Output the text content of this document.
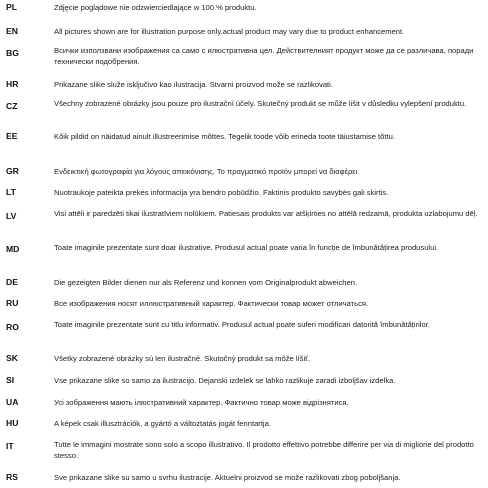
PL	Zdjęcie poglądowe nie odzwierciedlające w 100 % produktu.
EN	All pictures shown are for illustration purpose only.actual product may vary due to product enhancement.
BG	Всички използвани изображения са само с илюстративна цел. Действителният продукт може да се различава, поради технически подобрения.
HR	Prikazane slike služe isključivo kao ilustracija. Stvarni proizvod može se razlikovati.
CZ	Všechny zobrazené obrázky jsou pouze pro ilustrační účely. Skutečný produkt se může lišit v důsledku vylepšení produktu.
EE	Kõik pildid on näidatud ainult illustreerimise mõttes. Tegelik toode võib erineda toote täiustamise tõttu.
GR	Ενδεικτική φωτογραφία για λόγους απεικόνισης. Το πραγματικό προϊόν μπορεί να διαφέρει.
LT	Nuotraukoje pateikta prekės informacija yra bendro pobūdžio. Faktinis produkto savybės gali skirtis.
LV	Visi attēli ir paredzēti tikai ilustratīviem nolūkiem. Patiesais produkts var atšķirties no attēlā redzamā, produkta uzlabojumu dēļ.
MD	Toate imaginile prezentate sunt doar ilustrative. Produsul actual poate varia în funcție de îmbunătățirea produsului.
DE	Die gezeigten Bilder dienen nur als Referenz und konnen vom Originalprodukt abweichen.
RU	Все изображения носят иллюстративный характер. Фактически товар может отличаться.
RO	Toate imaginile prezentate sunt cu titlu informativ. Produsul actual poate suferi modificari datorită îmbunătățirilor.
SK	Všetky zobrazené obrázky sú len ilustračné. Skutočný produkt sa môže líšiť.
SI	Vse prikazane slike so samo za ilustracijo. Dejanski izdelek se lahko razlikuje zaradi izboljšav izdelka.
UA	Усі зображення мають ілюстративний характер. Фактично товар може відрізнятися.
HU	A képek csak illusztrációk, a gyártó a változtatás jogát fenntartja.
IT	Tutte le immagini mostrate sono solo a scopo illustrativo. Il prodotto effettivo potrebbe differire per via di migliorie del prodotto stesso.
RS	Sve prikazane slike su samo u svrhu ilustracije. Aktuelni proizvod se može razlikovati zbog poboljšanja.
